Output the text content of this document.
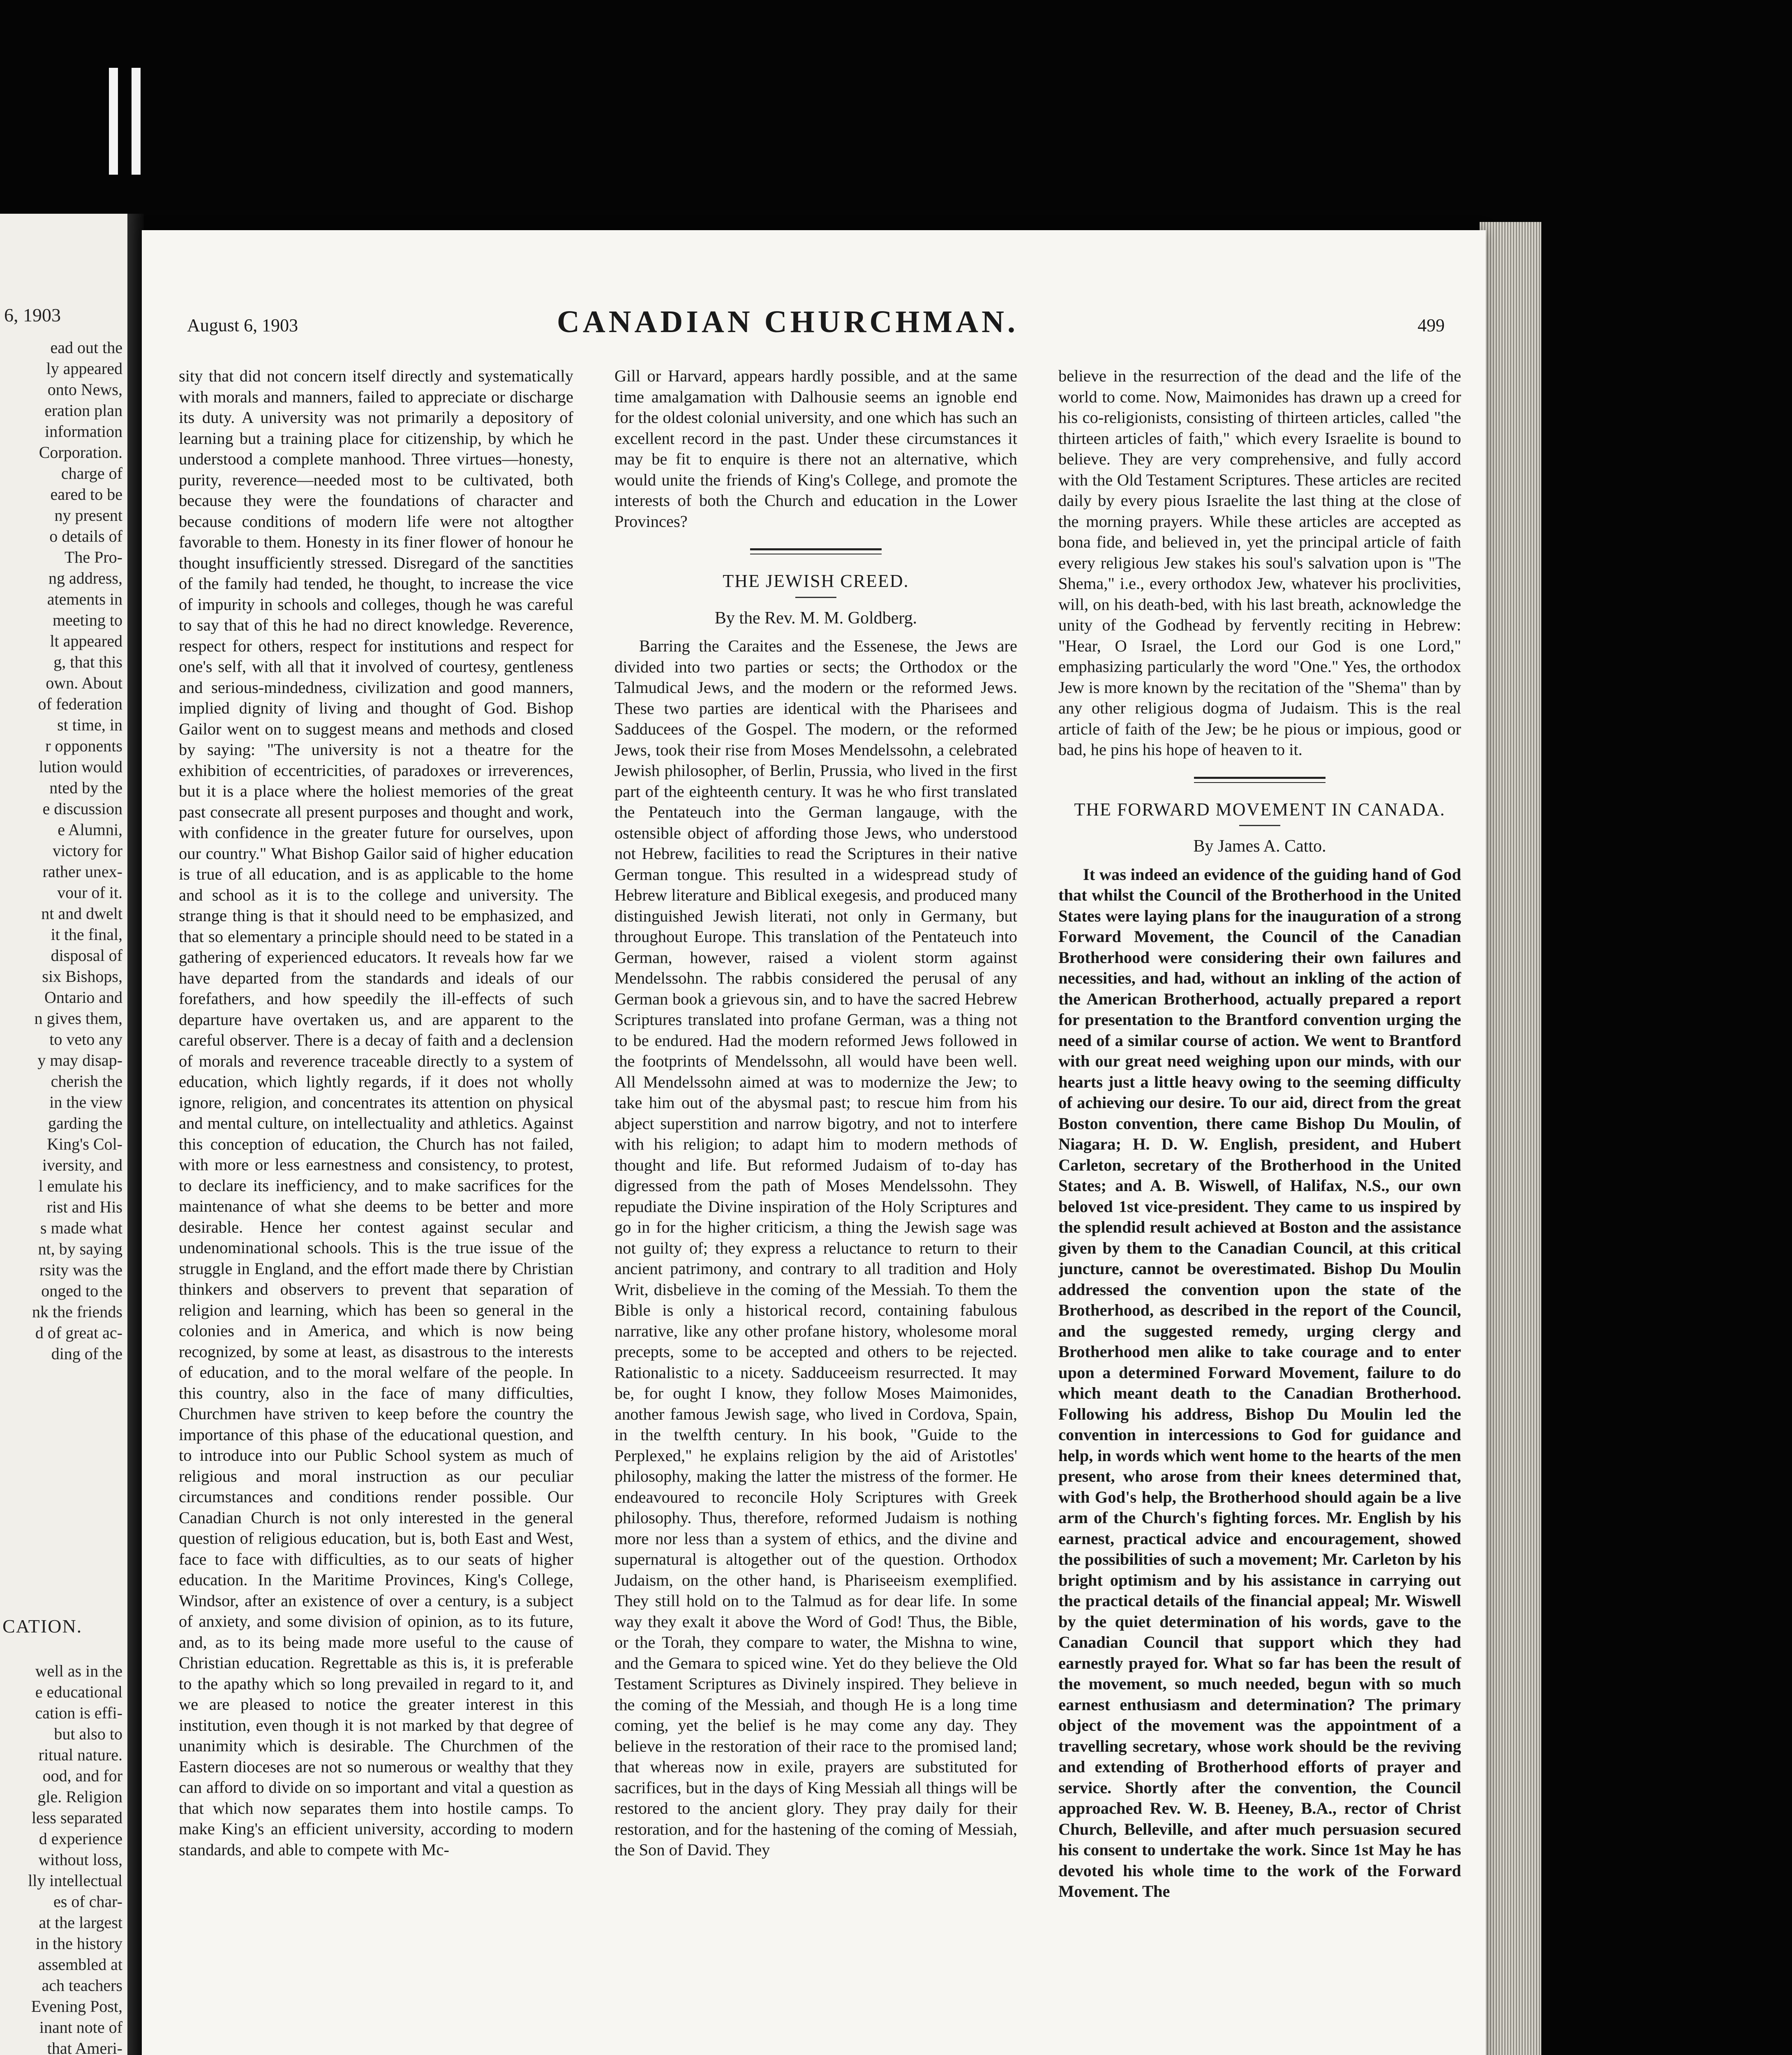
6, 1903
ead out the
ly appeared
onto News,
eration plan
information
Corporation.
charge of
eared to be
ny present
o details of
The Pro-
ng address,
atements in
meeting to
lt appeared
g, that this
own. About
of federation
st time, in
r opponents
lution would
nted by the
e discussion
e Alumni,
victory for
rather unex-
vour of it.
nt and dwelt
it the final,
disposal of
six Bishops,
Ontario and
n gives them,
to veto any
y may disap-
cherish the
in the view
garding the
King's Col-
iversity, and
l emulate his
rist and His
s made what
nt, by saying
rsity was the
onged to the
nk the friends
d of great ac-
ding of the
CATION.
well as in the
e educational
cation is effi-
but also to
ritual nature.
ood, and for
gle. Religion
less separated
d experience
without loss,
lly intellectual
es of char-
at the largest
in the history
assembled at
ach teachers
Evening Post,
inant note of
that Ameri-
August 6, 1903	CANADIAN CHURCHMAN.	499

sity that did not concern itself directly and systematically with morals and manners, failed to appreciate or discharge its duty. A university was not primarily a depository of learning but a training place for citizenship, by which he understood a complete manhood. Three virtues—honesty, purity, reverence—needed most to be cultivated, both because they were the foundations of character and because conditions of modern life were not altogther favorable to them. Honesty in its finer flower of honour he thought insufficiently stressed. Disregard of the sanctities of the family had tended, he thought, to increase the vice of impurity in schools and colleges, though he was careful to say that of this he had no direct knowledge. Reverence, respect for others, respect for institutions and respect for one's self, with all that it involved of courtesy, gentleness and serious-mindedness, civilization and good manners, implied dignity of living and thought of God. Bishop Gailor went on to suggest means and methods and closed by saying: "The university is not a theatre for the exhibition of eccentricities, of paradoxes or irreverences, but it is a place where the holiest memories of the great past consecrate all present purposes and thought and work, with confidence in the greater future for ourselves, upon our country." What Bishop Gailor said of higher education is true of all education, and is as applicable to the home and school as it is to the college and university. The strange thing is that it should need to be emphasized, and that so elementary a principle should need to be stated in a gathering of experienced educators. It reveals how far we have departed from the standards and ideals of our forefathers, and how speedily the ill-effects of such departure have overtaken us, and are apparent to the careful observer. There is a decay of faith and a declension of morals and reverence traceable directly to a system of education, which lightly regards, if it does not wholly ignore, religion, and concentrates its attention on physical and mental culture, on intellectuality and athletics. Against this conception of education, the Church has not failed, with more or less earnestness and consistency, to protest, to declare its inefficiency, and to make sacrifices for the maintenance of what she deems to be better and more desirable. Hence her contest against secular and undenominational schools. This is the true issue of the struggle in England, and the effort made there by Christian thinkers and observers to prevent that separation of religion and learning, which has been so general in the colonies and in America, and which is now being recognized, by some at least, as disastrous to the interests of education, and to the moral welfare of the people. In this country, also in the face of many difficulties, Churchmen have striven to keep before the country the importance of this phase of the educational question, and to introduce into our Public School system as much of religious and moral instruction as our peculiar circumstances and conditions render possible. Our Canadian Church is not only interested in the general question of religious education, but is, both East and West, face to face with difficulties, as to our seats of higher education. In the Maritime Provinces, King's College, Windsor, after an existence of over a century, is a subject of anxiety, and some division of opinion, as to its future, and, as to its being made more useful to the cause of Christian education. Regrettable as this is, it is preferable to the apathy which so long prevailed in regard to it, and we are pleased to notice the greater interest in this institution, even though it is not marked by that degree of unanimity which is desirable. The Churchmen of the Eastern dioceses are not so numerous or wealthy that they can afford to divide on so important and vital a question as that which now separates them into hostile camps. To make King's an efficient university, according to modern standards, and able to compete with Mc-

Gill or Harvard, appears hardly possible, and at the same time amalgamation with Dalhousie seems an ignoble end for the oldest colonial university, and one which has such an excellent record in the past. Under these circumstances it may be fit to enquire is there not an alternative, which would unite the friends of King's College, and promote the interests of both the Church and education in the Lower Provinces?

THE JEWISH CREED.
By the Rev. M. M. Goldberg.

Barring the Caraites and the Essenese, the Jews are divided into two parties or sects; the Orthodox or the Talmudical Jews, and the modern or the reformed Jews. These two parties are identical with the Pharisees and Sadducees of the Gospel. The modern, or the reformed Jews, took their rise from Moses Mendelssohn, a celebrated Jewish philosopher, of Berlin, Prussia, who lived in the first part of the eighteenth century. It was he who first translated the Pentateuch into the German langauge, with the ostensible object of affording those Jews, who understood not Hebrew, facilities to read the Scriptures in their native German tongue. This resulted in a widespread study of Hebrew literature and Biblical exegesis, and produced many distinguished Jewish literati, not only in Germany, but throughout Europe. This translation of the Pentateuch into German, however, raised a violent storm against Mendelssohn. The rabbis considered the perusal of any German book a grievous sin, and to have the sacred Hebrew Scriptures translated into profane German, was a thing not to be endured. Had the modern reformed Jews followed in the footprints of Mendelssohn, all would have been well. All Mendelssohn aimed at was to modernize the Jew; to take him out of the abysmal past; to rescue him from his abject superstition and narrow bigotry, and not to interfere with his religion; to adapt him to modern methods of thought and life. But reformed Judaism of to-day has digressed from the path of Moses Mendelssohn. They repudiate the Divine inspiration of the Holy Scriptures and go in for the higher criticism, a thing the Jewish sage was not guilty of; they express a reluctance to return to their ancient patrimony, and contrary to all tradition and Holy Writ, disbelieve in the coming of the Messiah. To them the Bible is only a historical record, containing fabulous narrative, like any other profane history, wholesome moral precepts, some to be accepted and others to be rejected. Rationalistic to a nicety. Sadduceeism resurrected. It may be, for ought I know, they follow Moses Maimonides, another famous Jewish sage, who lived in Cordova, Spain, in the twelfth century. In his book, "Guide to the Perplexed," he explains religion by the aid of Aristotles' philosophy, making the latter the mistress of the former. He endeavoured to reconcile Holy Scriptures with Greek philosophy. Thus, therefore, reformed Judaism is nothing more nor less than a system of ethics, and the divine and supernatural is altogether out of the question. Orthodox Judaism, on the other hand, is Phariseeism exemplified. They still hold on to the Talmud as for dear life. In some way they exalt it above the Word of God! Thus, the Bible, or the Torah, they compare to water, the Mishna to wine, and the Gemara to spiced wine. Yet do they believe the Old Testament Scriptures as Divinely inspired. They believe in the coming of the Messiah, and though He is a long time coming, yet the belief is he may come any day. They believe in the restoration of their race to the promised land; that whereas now in exile, prayers are substituted for sacrifices, but in the days of King Messiah all things will be restored to the ancient glory. They pray daily for their restoration, and for the hastening of the coming of Messiah, the Son of David. They

believe in the resurrection of the dead and the life of the world to come. Now, Maimonides has drawn up a creed for his co-religionists, consisting of thirteen articles, called "the thirteen articles of faith," which every Israelite is bound to believe. They are very comprehensive, and fully accord with the Old Testament Scriptures. These articles are recited daily by every pious Israelite the last thing at the close of the morning prayers. While these articles are accepted as bona fide, and believed in, yet the principal article of faith every religious Jew stakes his soul's salvation upon is "The Shema," i.e., every orthodox Jew, whatever his proclivities, will, on his death-bed, with his last breath, acknowledge the unity of the Godhead by fervently reciting in Hebrew: "Hear, O Israel, the Lord our God is one Lord," emphasizing particularly the word "One." Yes, the orthodox Jew is more known by the recitation of the "Shema" than by any other religious dogma of Judaism. This is the real article of faith of the Jew; be he pious or impious, good or bad, he pins his hope of heaven to it.

THE FORWARD MOVEMENT IN CANADA.
By James A. Catto.

It was indeed an evidence of the guiding hand of God that whilst the Council of the Brotherhood in the United States were laying plans for the inauguration of a strong Forward Movement, the Council of the Canadian Brotherhood were considering their own failures and necessities, and had, without an inkling of the action of the American Brotherhood, actually prepared a report for presentation to the Brantford convention urging the need of a similar course of action. We went to Brantford with our great need weighing upon our minds, with our hearts just a little heavy owing to the seeming difficulty of achieving our desire. To our aid, direct from the great Boston convention, there came Bishop Du Moulin, of Niagara; H. D. W. English, president, and Hubert Carleton, secretary of the Brotherhood in the United States; and A. B. Wiswell, of Halifax, N.S., our own beloved 1st vice-president. They came to us inspired by the splendid result achieved at Boston and the assistance given by them to the Canadian Council, at this critical juncture, cannot be overestimated. Bishop Du Moulin addressed the convention upon the state of the Brotherhood, as described in the report of the Council, and the suggested remedy, urging clergy and Brotherhood men alike to take courage and to enter upon a determined Forward Movement, failure to do which meant death to the Canadian Brotherhood. Following his address, Bishop Du Moulin led the convention in intercessions to God for guidance and help, in words which went home to the hearts of the men present, who arose from their knees determined that, with God's help, the Brotherhood should again be a live arm of the Church's fighting forces. Mr. English by his earnest, practical advice and encouragement, showed the possibilities of such a movement; Mr. Carleton by his bright optimism and by his assistance in carrying out the practical details of the financial appeal; Mr. Wiswell by the quiet determination of his words, gave to the Canadian Council that support which they had earnestly prayed for. What so far has been the result of the movement, so much needed, begun with so much earnest enthusiasm and determination? The primary object of the movement was the appointment of a travelling secretary, whose work should be the reviving and extending of Brotherhood efforts of prayer and service. Shortly after the convention, the Council approached Rev. W. B. Heeney, B.A., rector of Christ Church, Belleville, and after much persuasion secured his consent to undertake the work. Since 1st May he has devoted his whole time to the work of the Forward Movement. The
